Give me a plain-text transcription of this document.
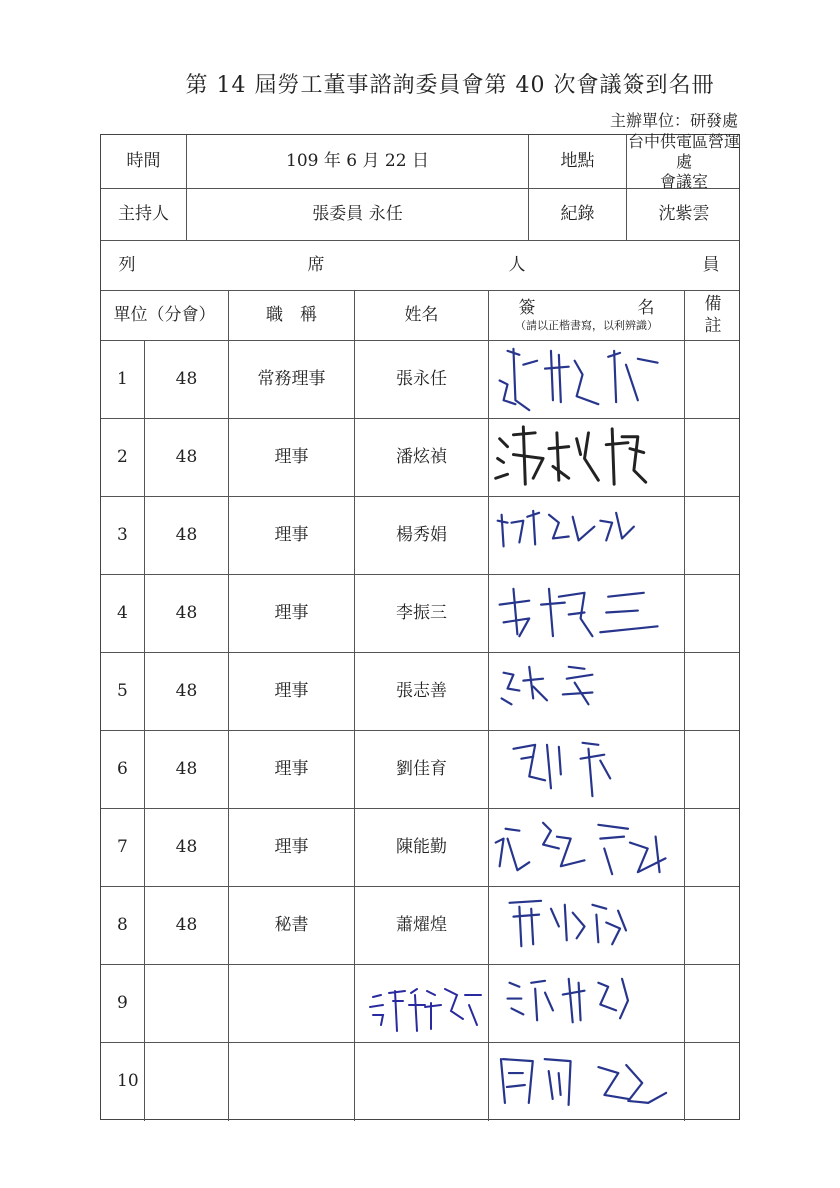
第 14 屆勞工董事諮詢委員會第 40 次會議簽到名冊
主辦單位：研發處
時間	109 年 6 月 22 日	地點
台中供電區營運處
會議室
主持人	張委員 永任	紀錄	沈紫雲
列	席	人	員
單位（分會）	職　稱	姓名	簽　　　　　　名
（請以正楷書寫，以利辨識）
備
註
1	48	常務理事	張永任
2	48	理事	潘炫禎
3	48	理事	楊秀娟
4	48	理事	李振三
5	48	理事	張志善
6	48	理事	劉佳育
7	48	理事	陳能勤
8	48	秘書	蕭燿煌
9
10
